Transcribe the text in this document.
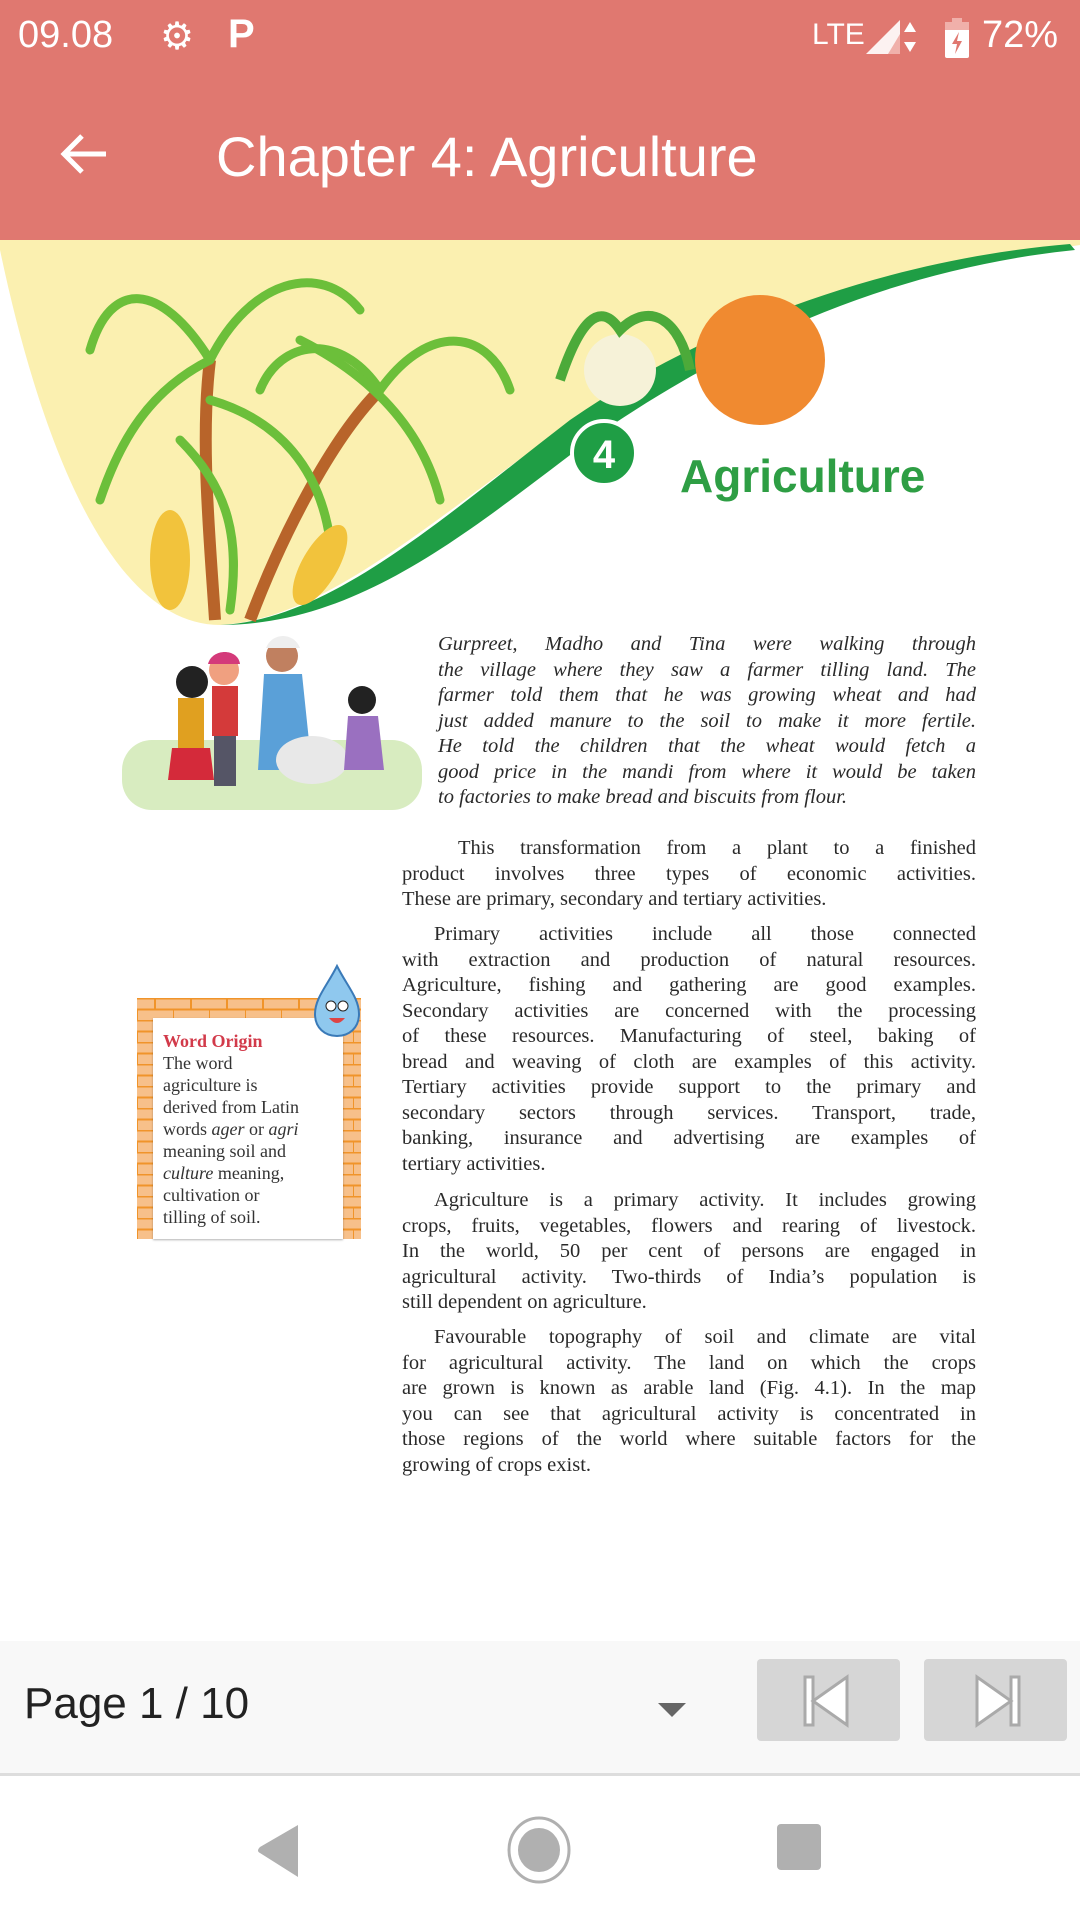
09.08 ⚙ P	LTE	72%
Chapter 4: Agriculture
4 Agriculture
Gurpreet, Madho and Tina were walking through
the village where they saw a farmer tilling land. The
farmer told them that he was growing wheat and had
just added manure to the soil to make it more fertile.
He told the children that the wheat would fetch a
good price in the mandi from where it would be taken
to factories to make bread and biscuits from flour.
This transformation from a plant to a finished
product involves three types of economic activities.
These are primary, secondary and tertiary activities.
Primary activities include all those connected
with extraction and production of natural resources.
Agriculture, fishing and gathering are good examples.
Secondary activities are concerned with the processing
of these resources. Manufacturing of steel, baking of
bread and weaving of cloth are examples of this activity.
Tertiary activities provide support to the primary and
secondary sectors through services. Transport, trade,
banking, insurance and advertising are examples of
tertiary activities.
Agriculture is a primary activity. It includes growing
crops, fruits, vegetables, flowers and rearing of livestock.
In the world, 50 per cent of persons are engaged in
agricultural activity. Two-thirds of India’s population is
still dependent on agriculture.
Favourable topography of soil and climate are vital
for agricultural activity. The land on which the crops
are grown is known as arable land (Fig. 4.1). In the map
you can see that agricultural activity is concentrated in
those regions of the world where suitable factors for the
growing of crops exist.
Word Origin
The word
agriculture is
derived from Latin
words ager or agri
meaning soil and
culture meaning,
cultivation or
tilling of soil.
Page 1 / 10
